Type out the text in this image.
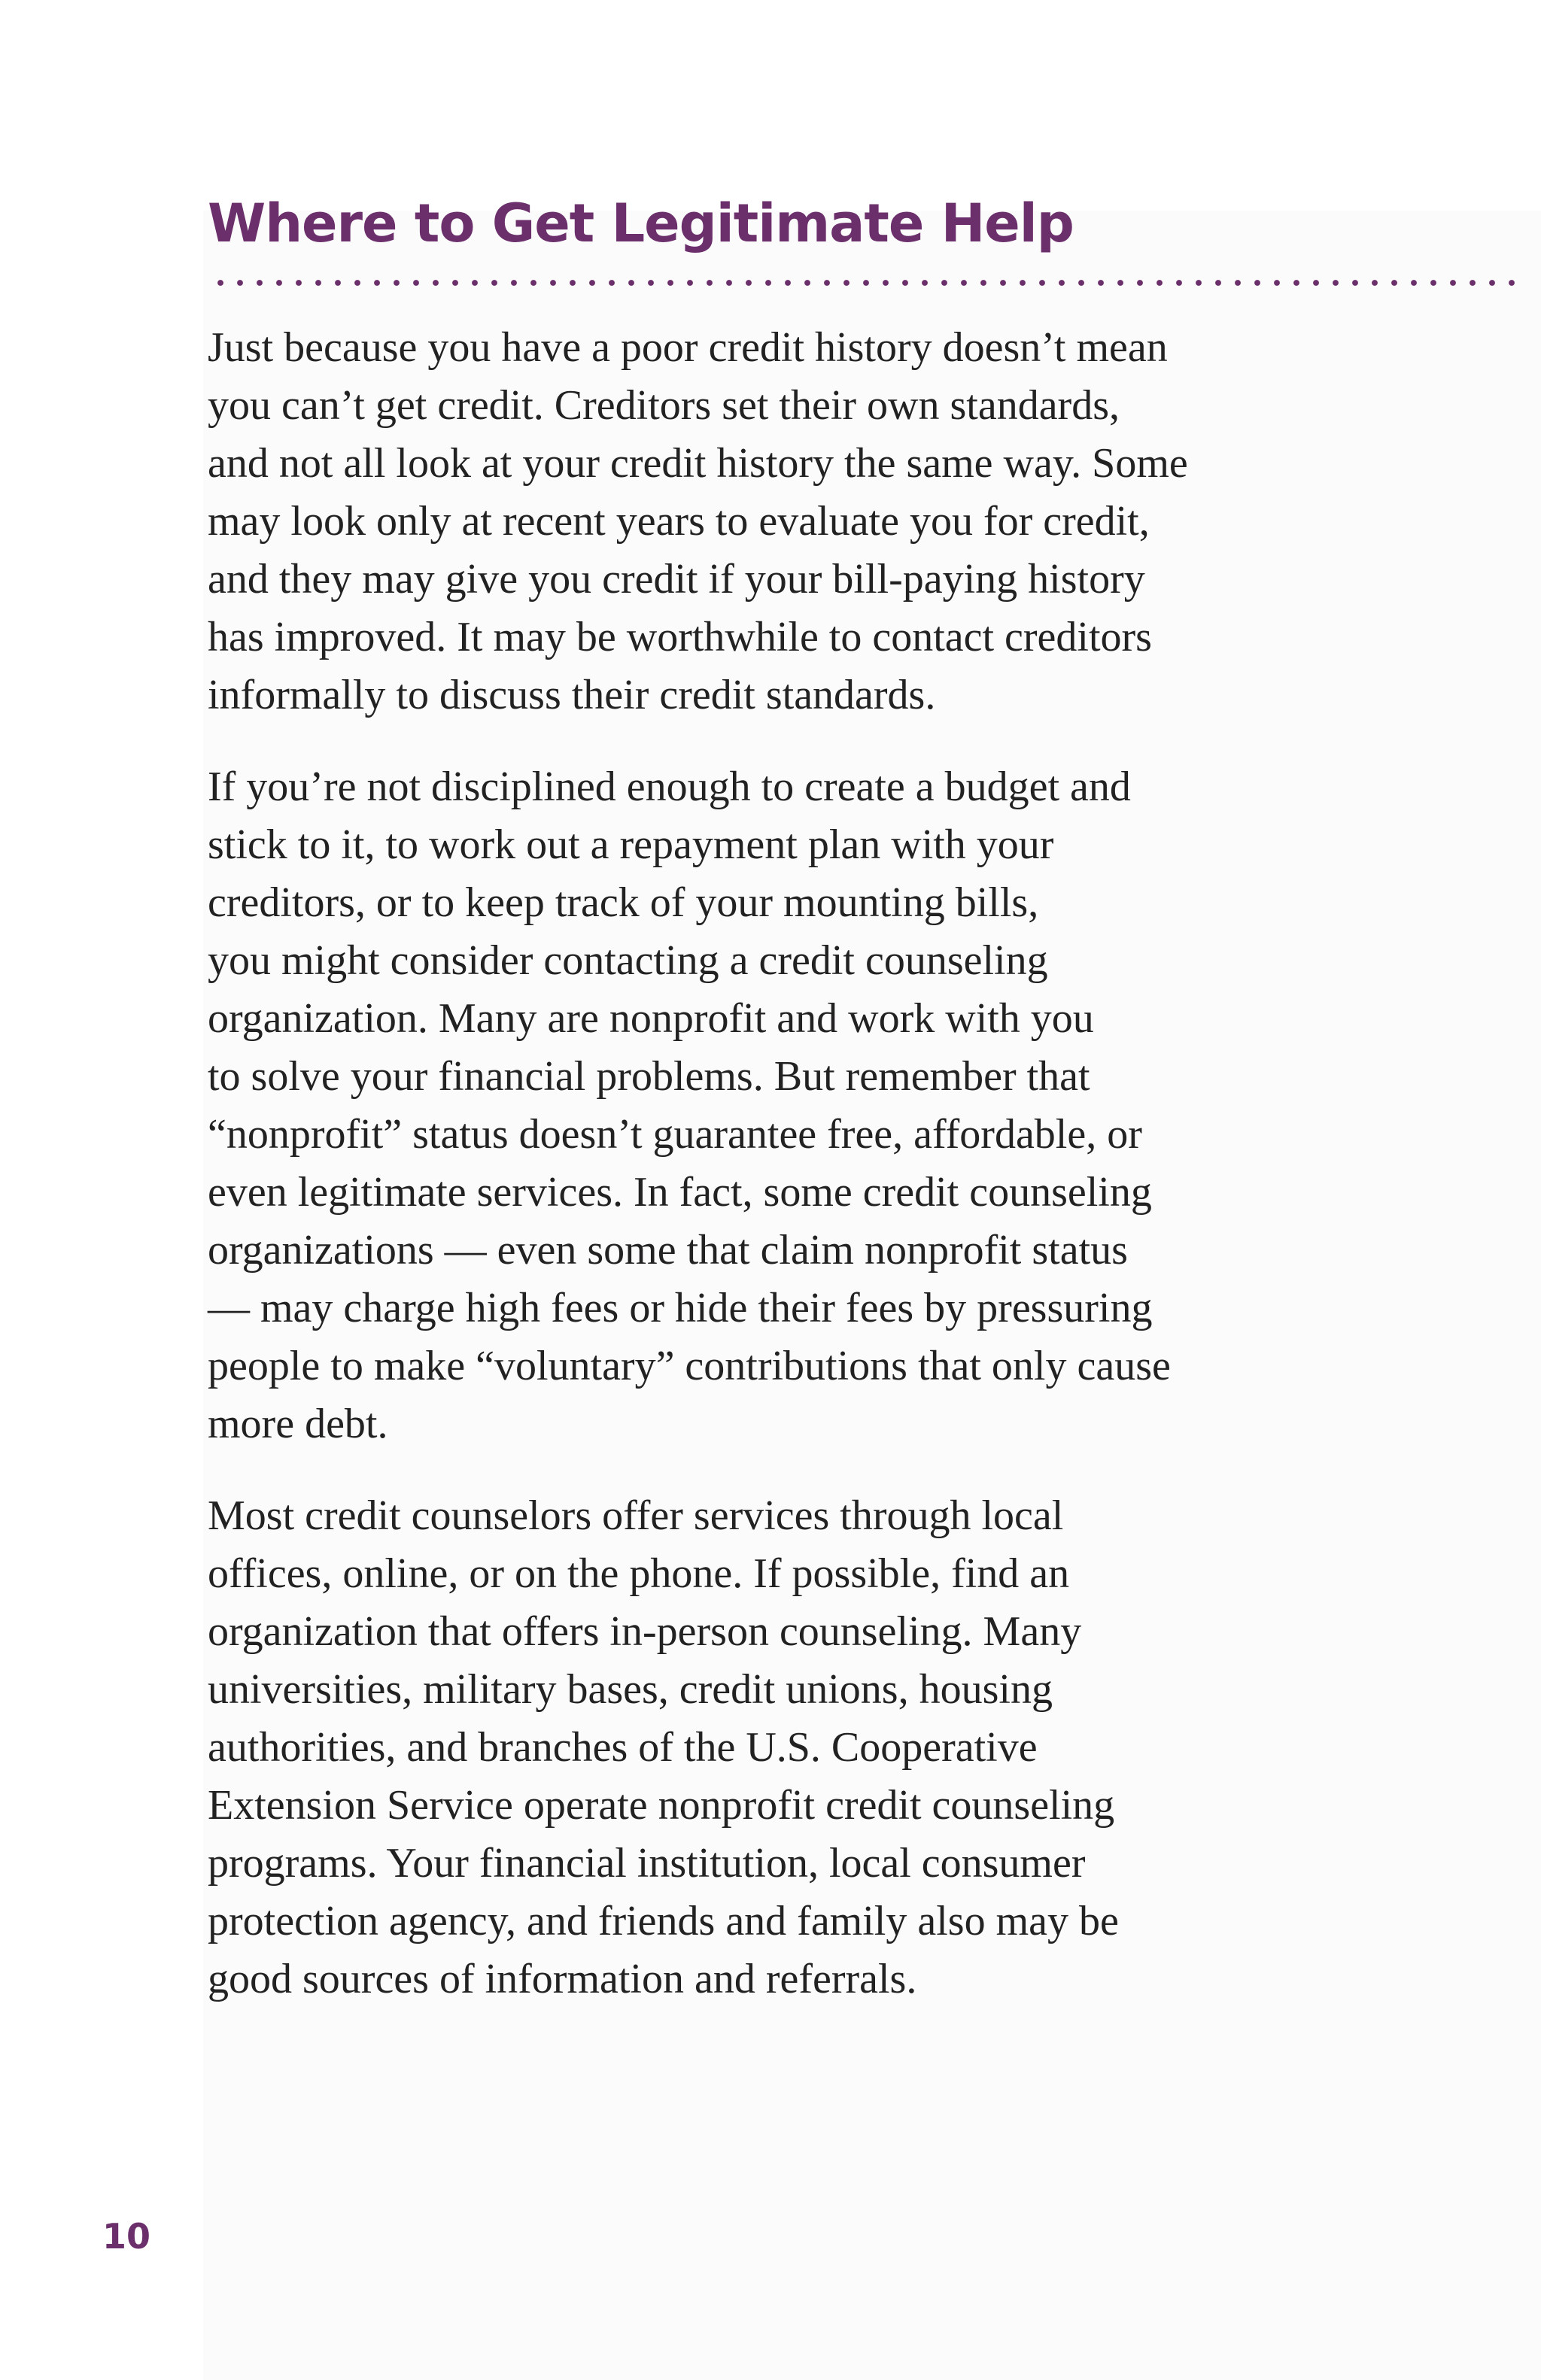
Where to Get Legitimate Help

Just because you have a poor credit history doesn’t mean
you can’t get credit. Creditors set their own standards,
and not all look at your credit history the same way. Some
may look only at recent years to evaluate you for credit,
and they may give you credit if your bill-paying history
has improved. It may be worthwhile to contact creditors
informally to discuss their credit standards.

If you’re not disciplined enough to create a budget and
stick to it, to work out a repayment plan with your
creditors, or to keep track of your mounting bills,
you might consider contacting a credit counseling
organization. Many are nonprofit and work with you
to solve your financial problems. But remember that
“nonprofit” status doesn’t guarantee free, affordable, or
even legitimate services. In fact, some credit counseling
organizations — even some that claim nonprofit status
— may charge high fees or hide their fees by pressuring
people to make “voluntary” contributions that only cause
more debt.

Most credit counselors offer services through local
offices, online, or on the phone. If possible, find an
organization that offers in-person counseling. Many
universities, military bases, credit unions, housing
authorities, and branches of the U.S. Cooperative
Extension Service operate nonprofit credit counseling
programs. Your financial institution, local consumer
protection agency, and friends and family also may be
good sources of information and referrals.

10
